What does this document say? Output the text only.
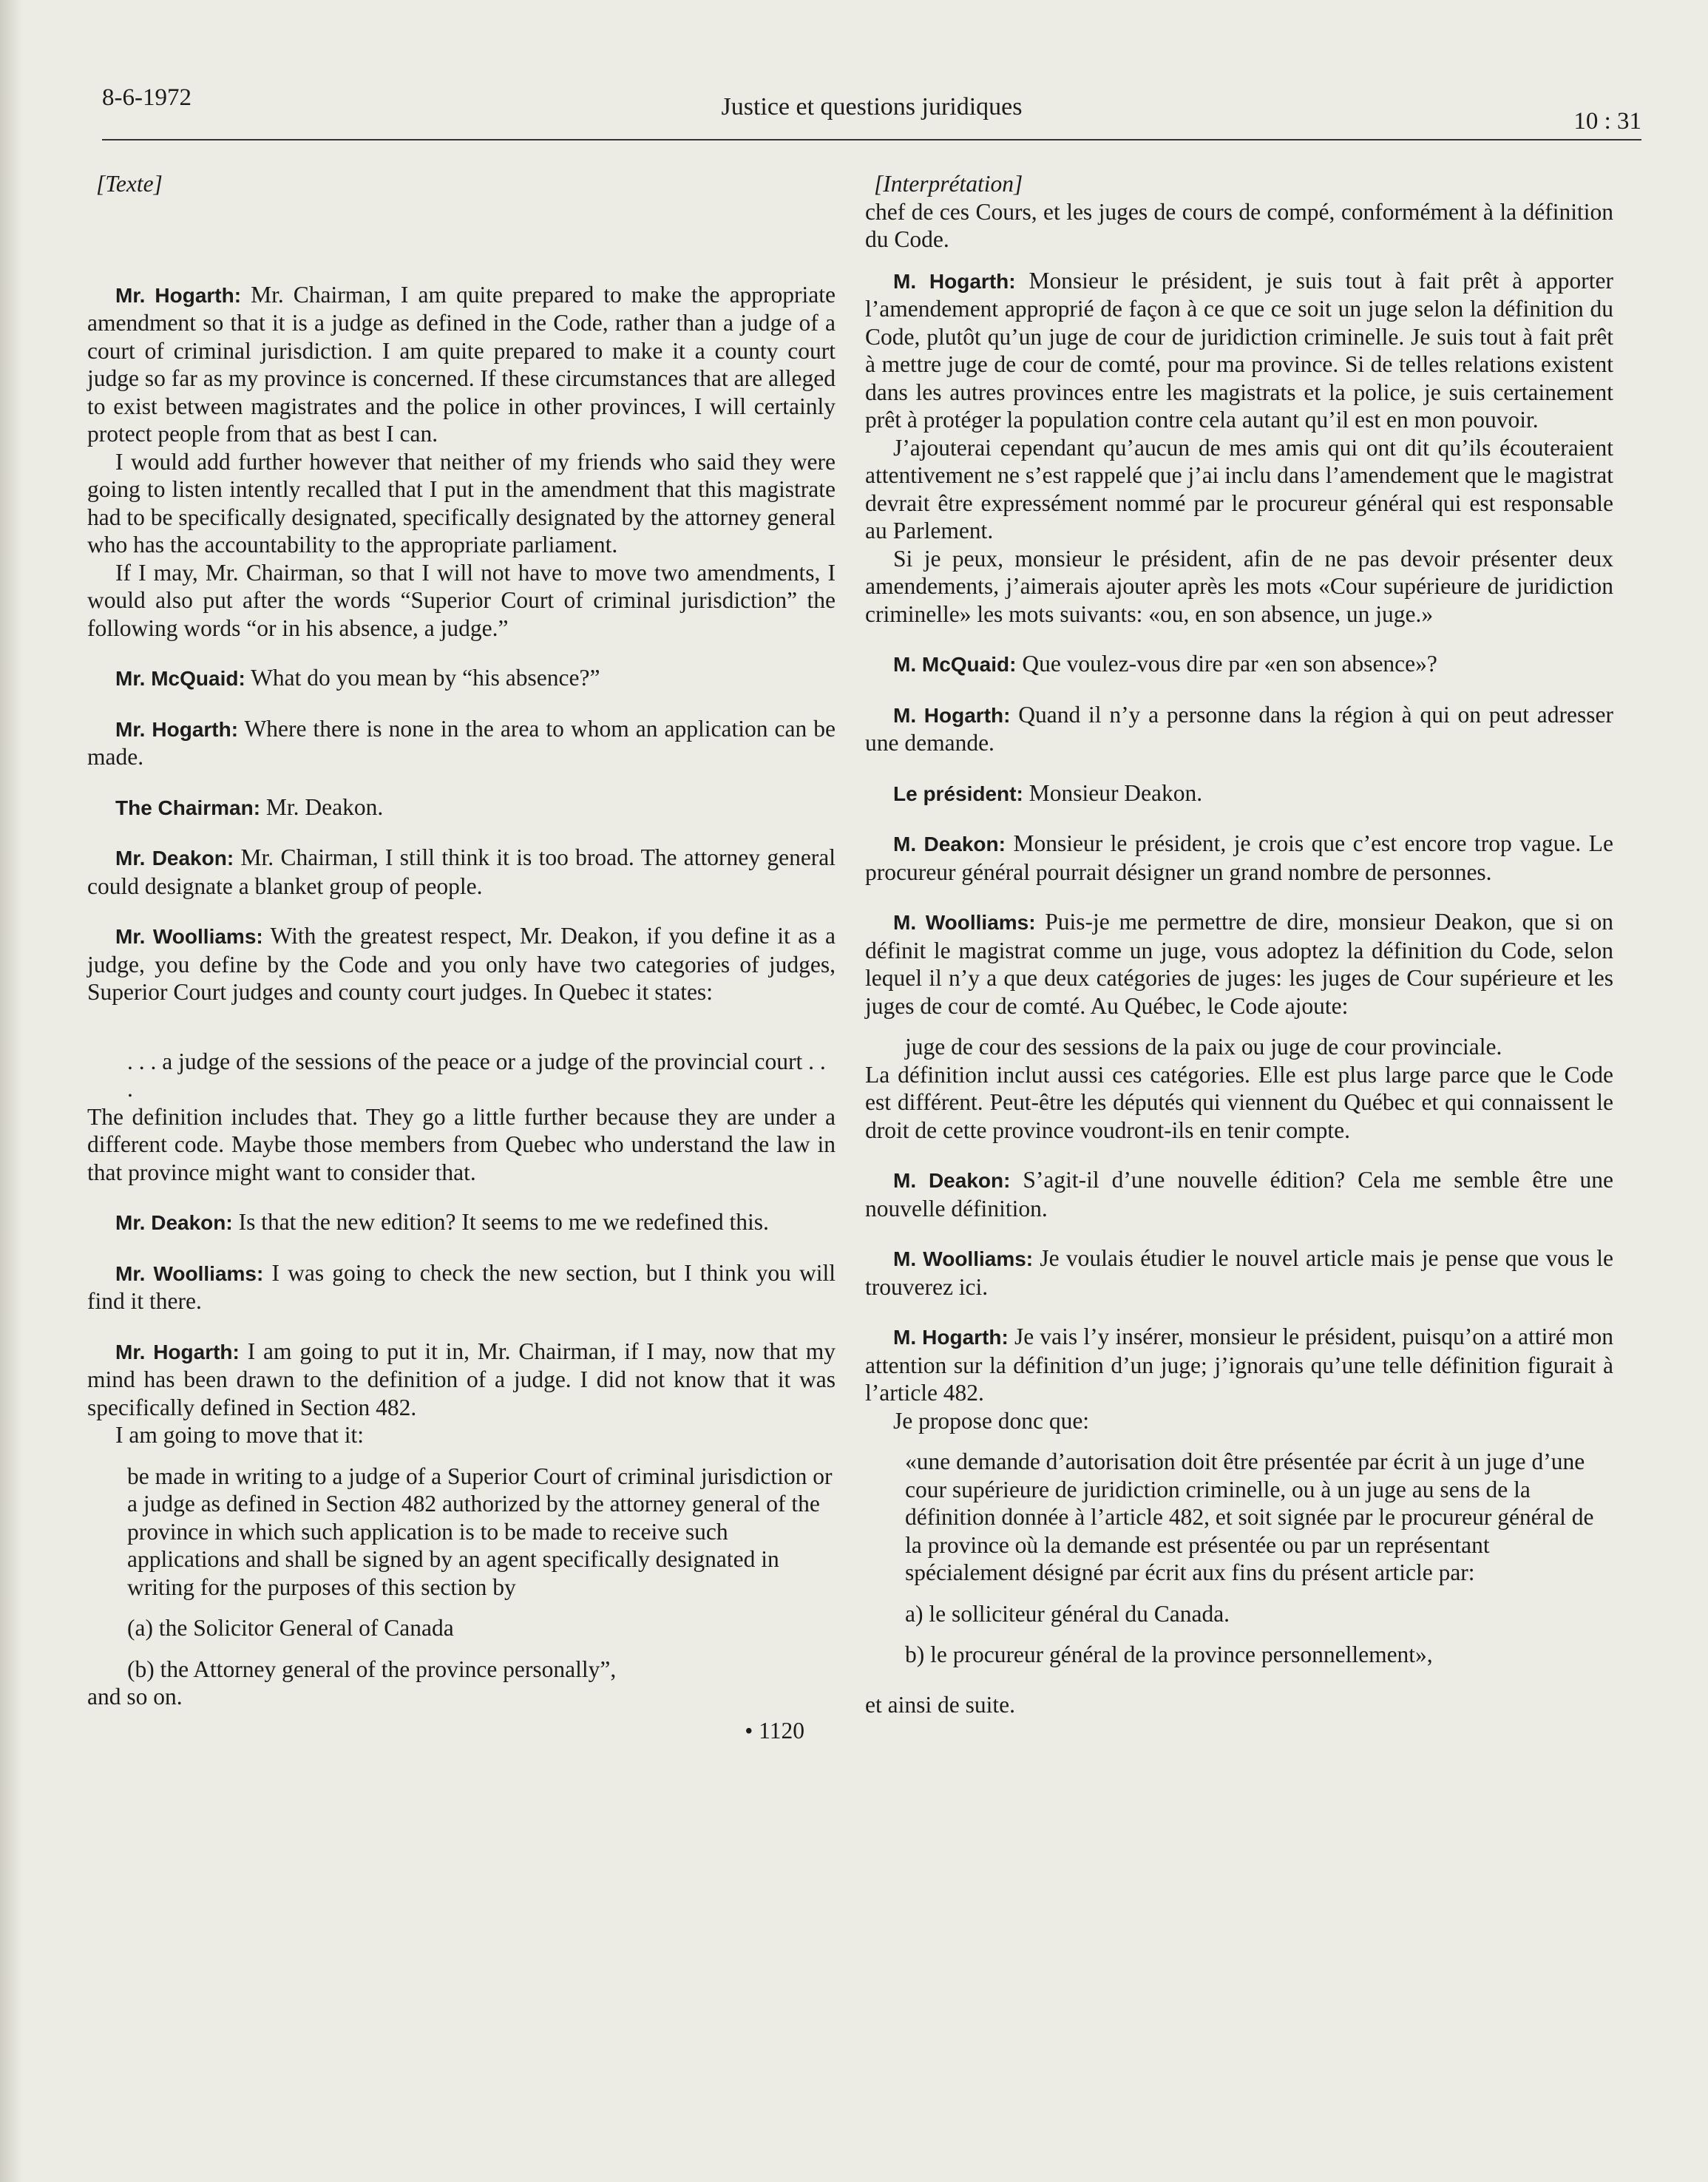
8-6-1972	Justice et questions juridiques
10 : 31
[Texte]

Mr. Hogarth: Mr. Chairman, I am quite prepared to make the appropriate amendment so that it is a judge as defined in the Code, rather than a judge of a court of criminal jurisdiction. I am quite prepared to make it a county court judge so far as my province is concerned. If these circumstances that are alleged to exist between magistrates and the police in other provinces, I will certainly protect people from that as best I can.

I would add further however that neither of my friends who said they were going to listen intently recalled that I put in the amendment that this magistrate had to be specifically designated, specifically designated by the attorney general who has the accountability to the appropriate parliament.

If I may, Mr. Chairman, so that I will not have to move two amendments, I would also put after the words “Superior Court of criminal jurisdiction” the following words “or in his absence, a judge.”

Mr. McQuaid: What do you mean by “his absence?”

Mr. Hogarth: Where there is none in the area to whom an application can be made.

The Chairman: Mr. Deakon.

Mr. Deakon: Mr. Chairman, I still think it is too broad. The attorney general could designate a blanket group of people.

Mr. Woolliams: With the greatest respect, Mr. Deakon, if you define it as a judge, you define by the Code and you only have two categories of judges, Superior Court judges and county court judges. In Quebec it states:

. . . a judge of the sessions of the peace or a judge of the provincial court . . .

The definition includes that. They go a little further because they are under a different code. Maybe those members from Quebec who understand the law in that province might want to consider that.

Mr. Deakon: Is that the new edition? It seems to me we redefined this.

Mr. Woolliams: I was going to check the new section, but I think you will find it there.

Mr. Hogarth: I am going to put it in, Mr. Chairman, if I may, now that my mind has been drawn to the definition of a judge. I did not know that it was specifically defined in Section 482.

I am going to move that it:

be made in writing to a judge of a Superior Court of criminal jurisdiction or a judge as defined in Section 482 authorized by the attorney general of the province in which such application is to be made to receive such applications and shall be signed by an agent specifically designated in writing for the purposes of this section by

(a) the Solicitor General of Canada

(b) the Attorney general of the province personally”,

and so on.

• 1120
[Interprétation]

chef de ces Cours, et les juges de cours de compé, conformément à la définition du Code.

M. Hogarth: Monsieur le président, je suis tout à fait prêt à apporter l’amendement approprié de façon à ce que ce soit un juge selon la définition du Code, plutôt qu’un juge de cour de juridiction criminelle. Je suis tout à fait prêt à mettre juge de cour de comté, pour ma province. Si de telles relations existent dans les autres provinces entre les magistrats et la police, je suis certainement prêt à protéger la population contre cela autant qu’il est en mon pouvoir.

J’ajouterai cependant qu’aucun de mes amis qui ont dit qu’ils écouteraient attentivement ne s’est rappelé que j’ai inclu dans l’amendement que le magistrat devrait être expressément nommé par le procureur général qui est responsable au Parlement.

Si je peux, monsieur le président, afin de ne pas devoir présenter deux amendements, j’aimerais ajouter après les mots «Cour supérieure de juridiction criminelle» les mots suivants: «ou, en son absence, un juge.»

M. McQuaid: Que voulez-vous dire par «en son absence»?

M. Hogarth: Quand il n’y a personne dans la région à qui on peut adresser une demande.

Le président: Monsieur Deakon.

M. Deakon: Monsieur le président, je crois que c’est encore trop vague. Le procureur général pourrait désigner un grand nombre de personnes.

M. Woolliams: Puis-je me permettre de dire, monsieur Deakon, que si on définit le magistrat comme un juge, vous adoptez la définition du Code, selon lequel il n’y a que deux catégories de juges: les juges de Cour supérieure et les juges de cour de comté. Au Québec, le Code ajoute:

juge de cour des sessions de la paix ou juge de cour provinciale.

La définition inclut aussi ces catégories. Elle est plus large parce que le Code est différent. Peut-être les députés qui viennent du Québec et qui connaissent le droit de cette province voudront-ils en tenir compte.

M. Deakon: S’agit-il d’une nouvelle édition? Cela me semble être une nouvelle définition.

M. Woolliams: Je voulais étudier le nouvel article mais je pense que vous le trouverez ici.

M. Hogarth: Je vais l’y insérer, monsieur le président, puisqu’on a attiré mon attention sur la définition d’un juge; j’ignorais qu’une telle définition figurait à l’article 482.

Je propose donc que:

«une demande d’autorisation doit être présentée par écrit à un juge d’une cour supérieure de juridiction criminelle, ou à un juge au sens de la définition donnée à l’article 482, et soit signée par le procureur général de la province où la demande est présentée ou par un représentant spécialement désigné par écrit aux fins du présent article par:

a) le solliciteur général du Canada.

b) le procureur général de la province personnellement»,

et ainsi de suite.
